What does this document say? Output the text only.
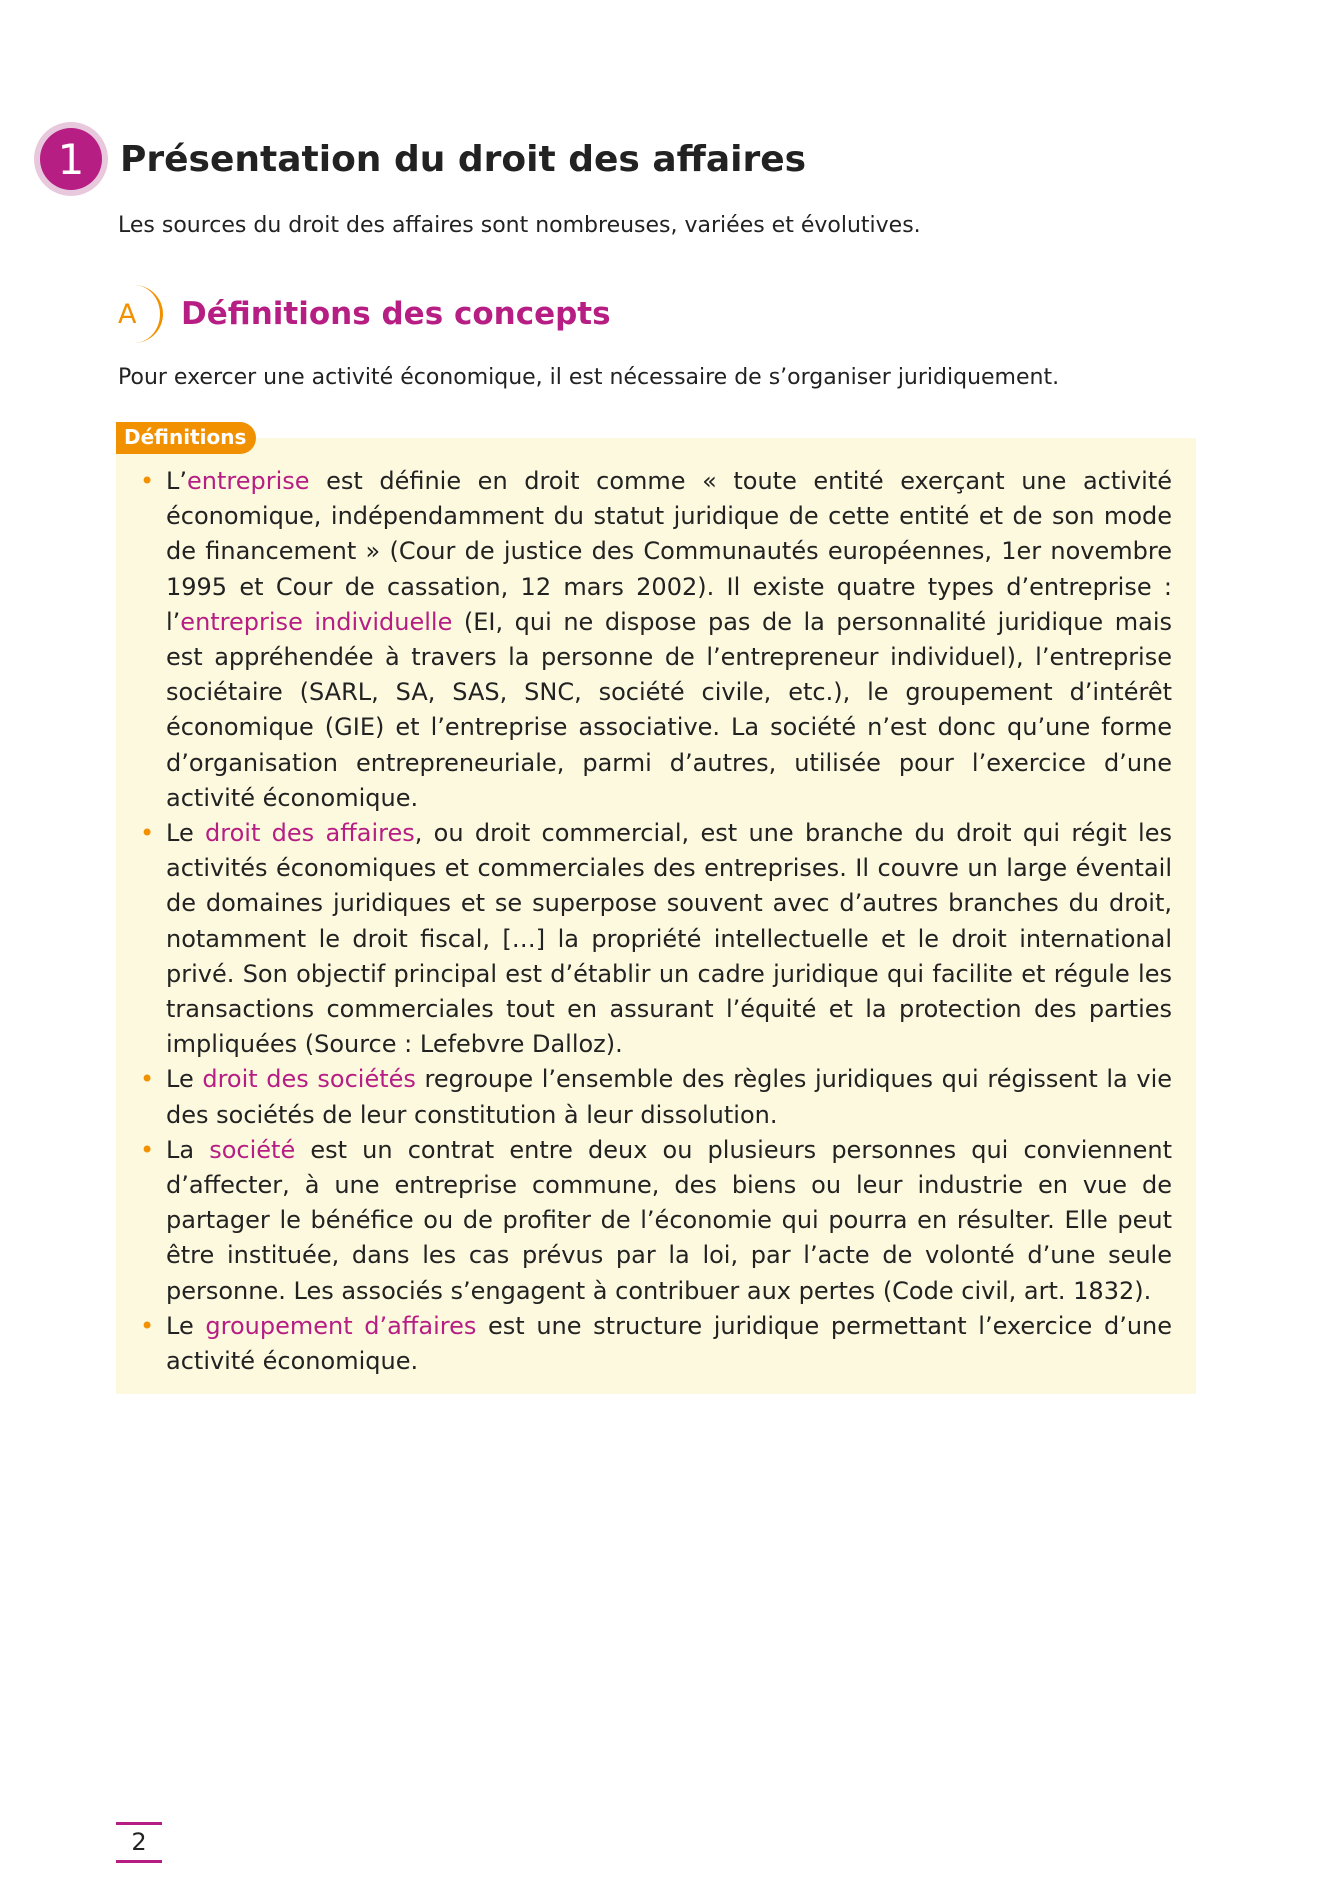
1 Présentation du droit des affaires
Les sources du droit des affaires sont nombreuses, variées et évolutives.
A	Définitions des concepts
Pour exercer une activité économique, il est nécessaire de s’organiser juridiquement.
• L’entreprise est définie en droit comme « toute entité exerçant une activité économique, indépendamment du statut juridique de cette entité et de son mode de financement » (Cour de justice des Communautés européennes, 1er novembre 1995 et Cour de cassation, 12 mars 2002). Il existe quatre types d’entreprise : l’entreprise individuelle (EI, qui ne dispose pas de la personnalité juridique mais est appréhendée à travers la personne de l’entrepreneur individuel), l’entreprise sociétaire (SARL, SA, SAS, SNC, société civile, etc.), le groupement d’intérêt économique (GIE) et l’entreprise associative. La société n’est donc qu’une forme d’organisation entrepreneuriale, parmi d’autres, utilisée pour l’exercice d’une activité économique.
• Le droit des affaires, ou droit commercial, est une branche du droit qui régit les activités économiques et commerciales des entreprises. Il couvre un large éventail de domaines juridiques et se superpose souvent avec d’autres branches du droit, notamment le droit fiscal, […] la propriété intellectuelle et le droit international privé. Son objectif principal est d’établir un cadre juridique qui facilite et régule les transactions commerciales tout en assurant l’équité et la protection des parties impliquées (Source : Lefebvre Dalloz).
• Le droit des sociétés regroupe l’ensemble des règles juridiques qui régissent la vie des sociétés de leur constitution à leur dissolution.
• La société est un contrat entre deux ou plusieurs personnes qui conviennent d’affecter, à une entreprise commune, des biens ou leur industrie en vue de partager le bénéfice ou de profiter de l’économie qui pourra en résulter. Elle peut être instituée, dans les cas prévus par la loi, par l’acte de volonté d’une seule personne. Les associés s’engagent à contribuer aux pertes (Code civil, art. 1832).
• Le groupement d’affaires est une structure juridique permettant l’exercice d’une activité économique.
Définitions
2
